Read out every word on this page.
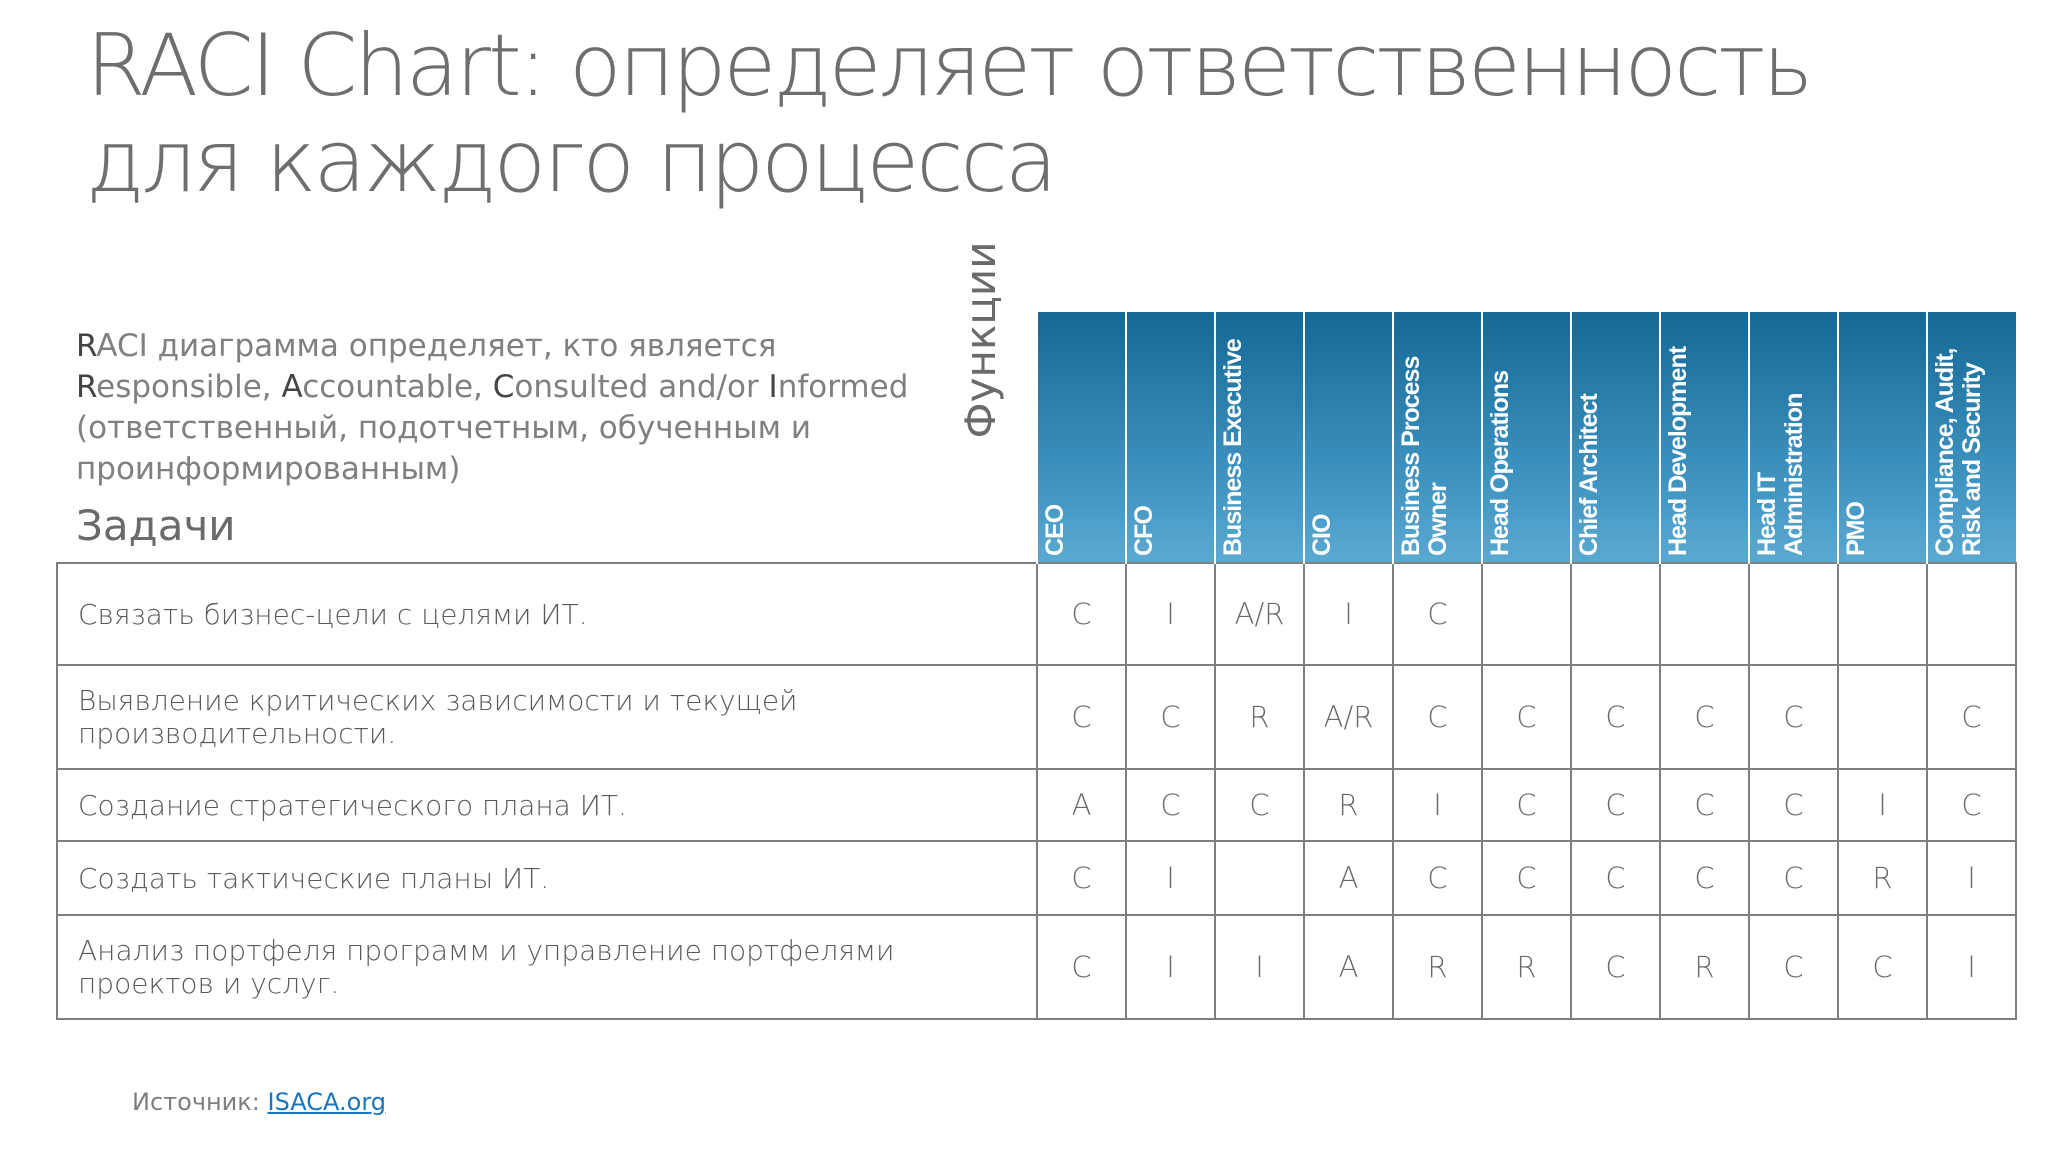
RACI Chart: определяет ответственность для каждого процесса
RACI диаграмма определяет, кто является Responsible, Accountable, Consulted and/or Informed (ответственный, подотчетным, обученным и проинформированным)
Задачи
Функции

	CEO	CFO	Business Executive	CIO	Business Process Owner	Head Operations	Chief Architect	Head Development	Head IT Administration	PMO	Compliance, Audit, Risk and Security

Связать бизнес-цели с целями ИТ.	C	I	A/R	I	C						
Выявление критических зависимости и текущей производительности.	C	C	R	A/R	C	C	C	C	C		C
Создание стратегического плана ИТ.	A	C	C	R	I	C	C	C	C	I	C
Создать тактические планы ИТ.	C	I		A	C	C	C	C	C	R	I
Анализ портфеля программ и управление портфелями проектов и услуг.	C	I	I	A	R	R	C	R	C	C	I
Источник: ISACA.org
